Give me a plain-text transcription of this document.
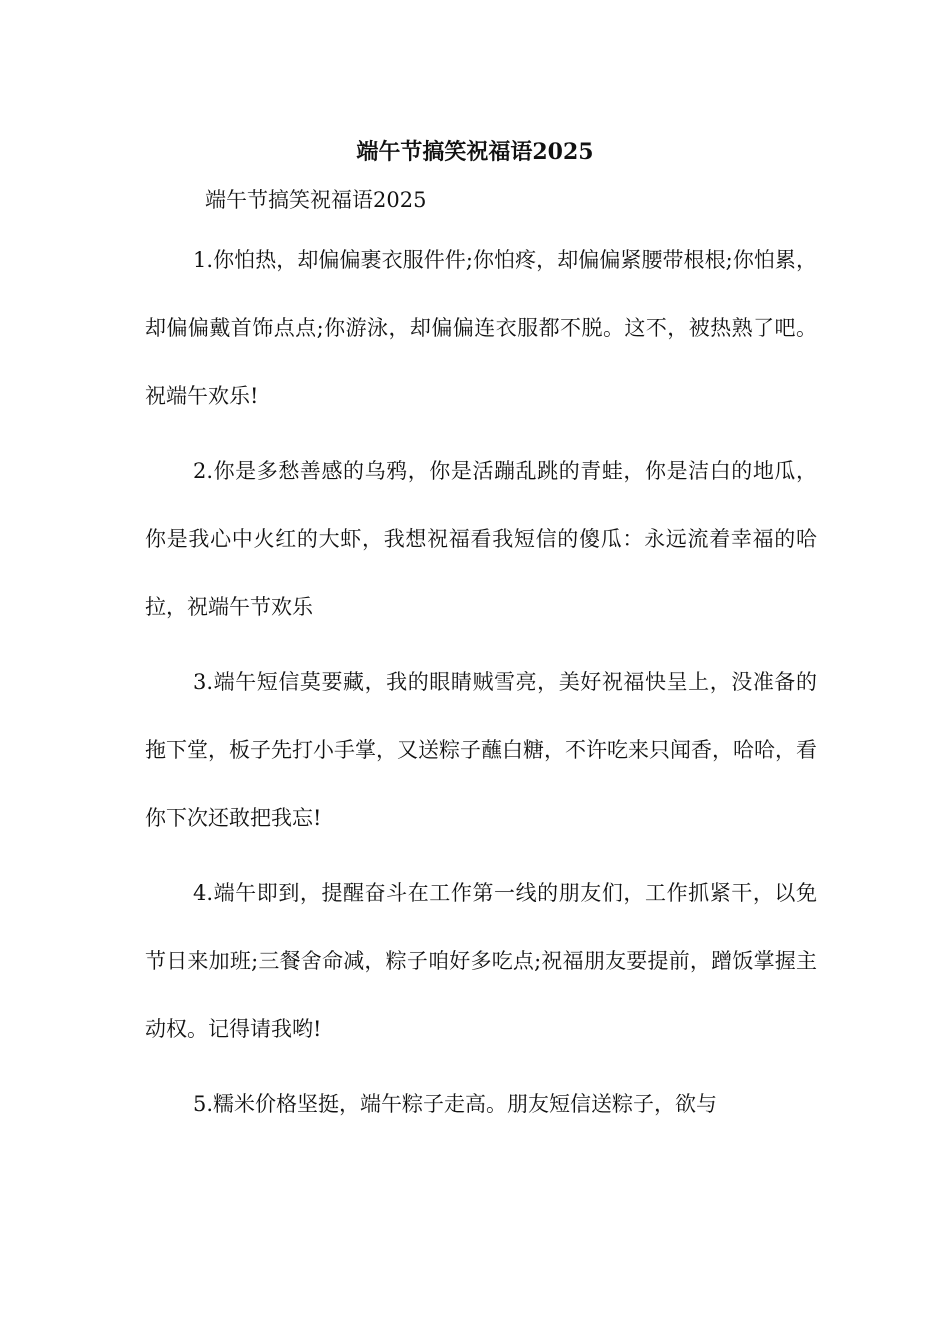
端午节搞笑祝福语2025

端午节搞笑祝福语2025

1.你怕热，却偏偏裹衣服件件;你怕疼，却偏偏紧腰带根根;你怕累，却偏偏戴首饰点点;你游泳，却偏偏连衣服都不脱。这不，被热熟了吧。祝端午欢乐!

2.你是多愁善感的乌鸦，你是活蹦乱跳的青蛙，你是洁白的地瓜，你是我心中火红的大虾，我想祝福看我短信的傻瓜：永远流着幸福的哈拉，祝端午节欢乐

3.端午短信莫要藏，我的眼睛贼雪亮，美好祝福快呈上，没准备的拖下堂，板子先打小手掌，又送粽子蘸白糖，不许吃来只闻香，哈哈，看你下次还敢把我忘!

4.端午即到，提醒奋斗在工作第一线的朋友们，工作抓紧干，以免节日来加班;三餐舍命减，粽子咱好多吃点;祝福朋友要提前，蹭饭掌握主动权。记得请我哟!

5.糯米价格坚挺，端午粽子走高。朋友短信送粽子，欲与
